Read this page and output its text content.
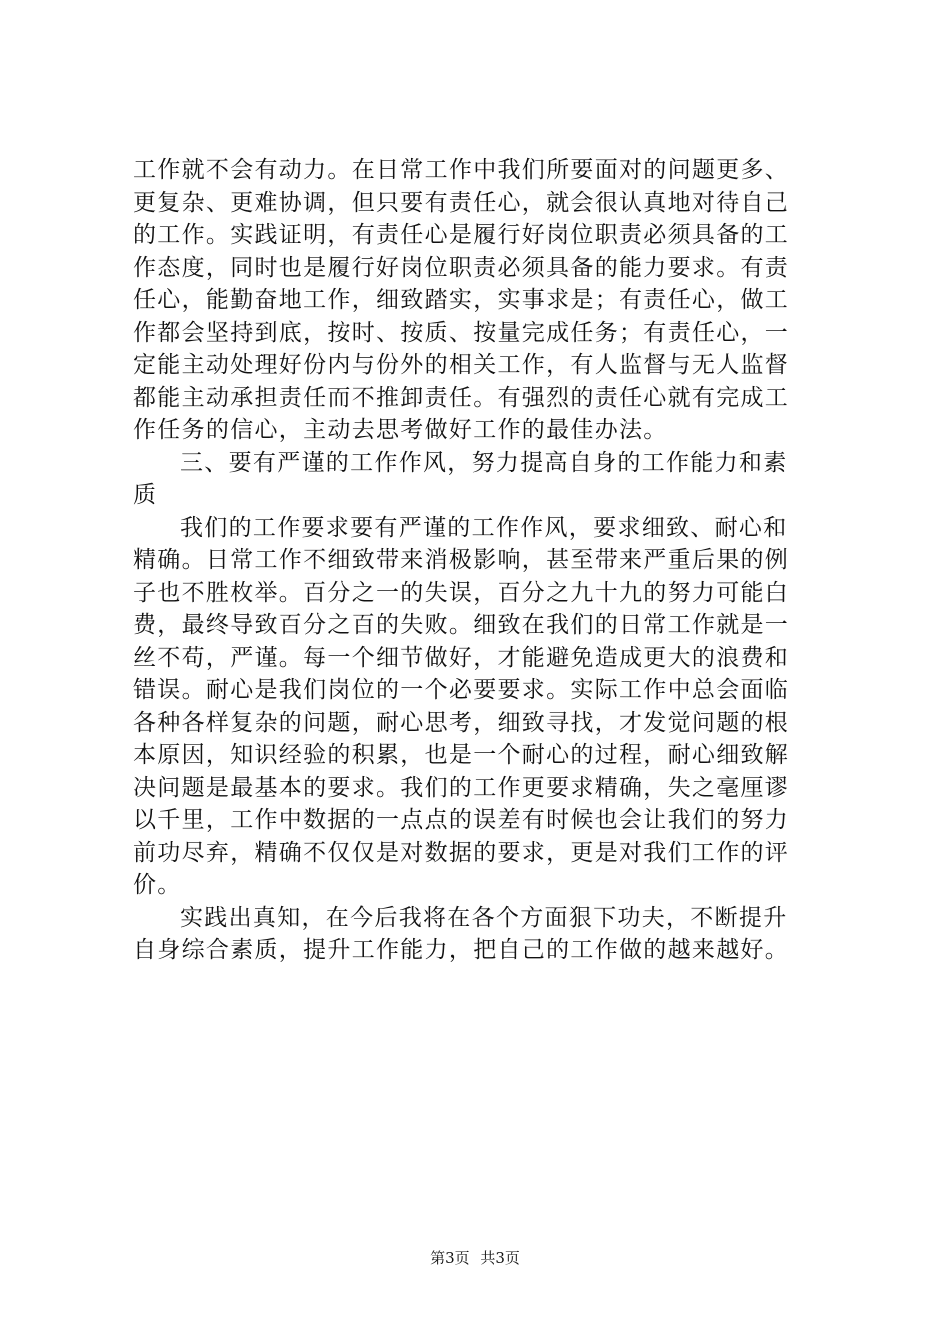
工作就不会有动力。在日常工作中我们所要面对的问题更多、
更复杂、更难协调，但只要有责任心，就会很认真地对待自己
的工作。实践证明，有责任心是履行好岗位职责必须具备的工
作态度，同时也是履行好岗位职责必须具备的能力要求。有责
任心，能勤奋地工作，细致踏实，实事求是；有责任心，做工
作都会坚持到底，按时、按质、按量完成任务；有责任心，一
定能主动处理好份内与份外的相关工作，有人监督与无人监督
都能主动承担责任而不推卸责任。有强烈的责任心就有完成工
作任务的信心，主动去思考做好工作的最佳办法。
三、要有严谨的工作作风，努力提高自身的工作能力和素
质
我们的工作要求要有严谨的工作作风，要求细致、耐心和
精确。日常工作不细致带来消极影响，甚至带来严重后果的例
子也不胜枚举。百分之一的失误，百分之九十九的努力可能白
费，最终导致百分之百的失败。细致在我们的日常工作就是一
丝不苟，严谨。每一个细节做好，才能避免造成更大的浪费和
错误。耐心是我们岗位的一个必要要求。实际工作中总会面临
各种各样复杂的问题，耐心思考，细致寻找，才发觉问题的根
本原因，知识经验的积累，也是一个耐心的过程，耐心细致解
决问题是最基本的要求。我们的工作更要求精确，失之毫厘谬
以千里，工作中数据的一点点的误差有时候也会让我们的努力
前功尽弃，精确不仅仅是对数据的要求，更是对我们工作的评
价。
实践出真知，在今后我将在各个方面狠下功夫，不断提升
自身综合素质，提升工作能力，把自己的工作做的越来越好。
第3页 共3页
